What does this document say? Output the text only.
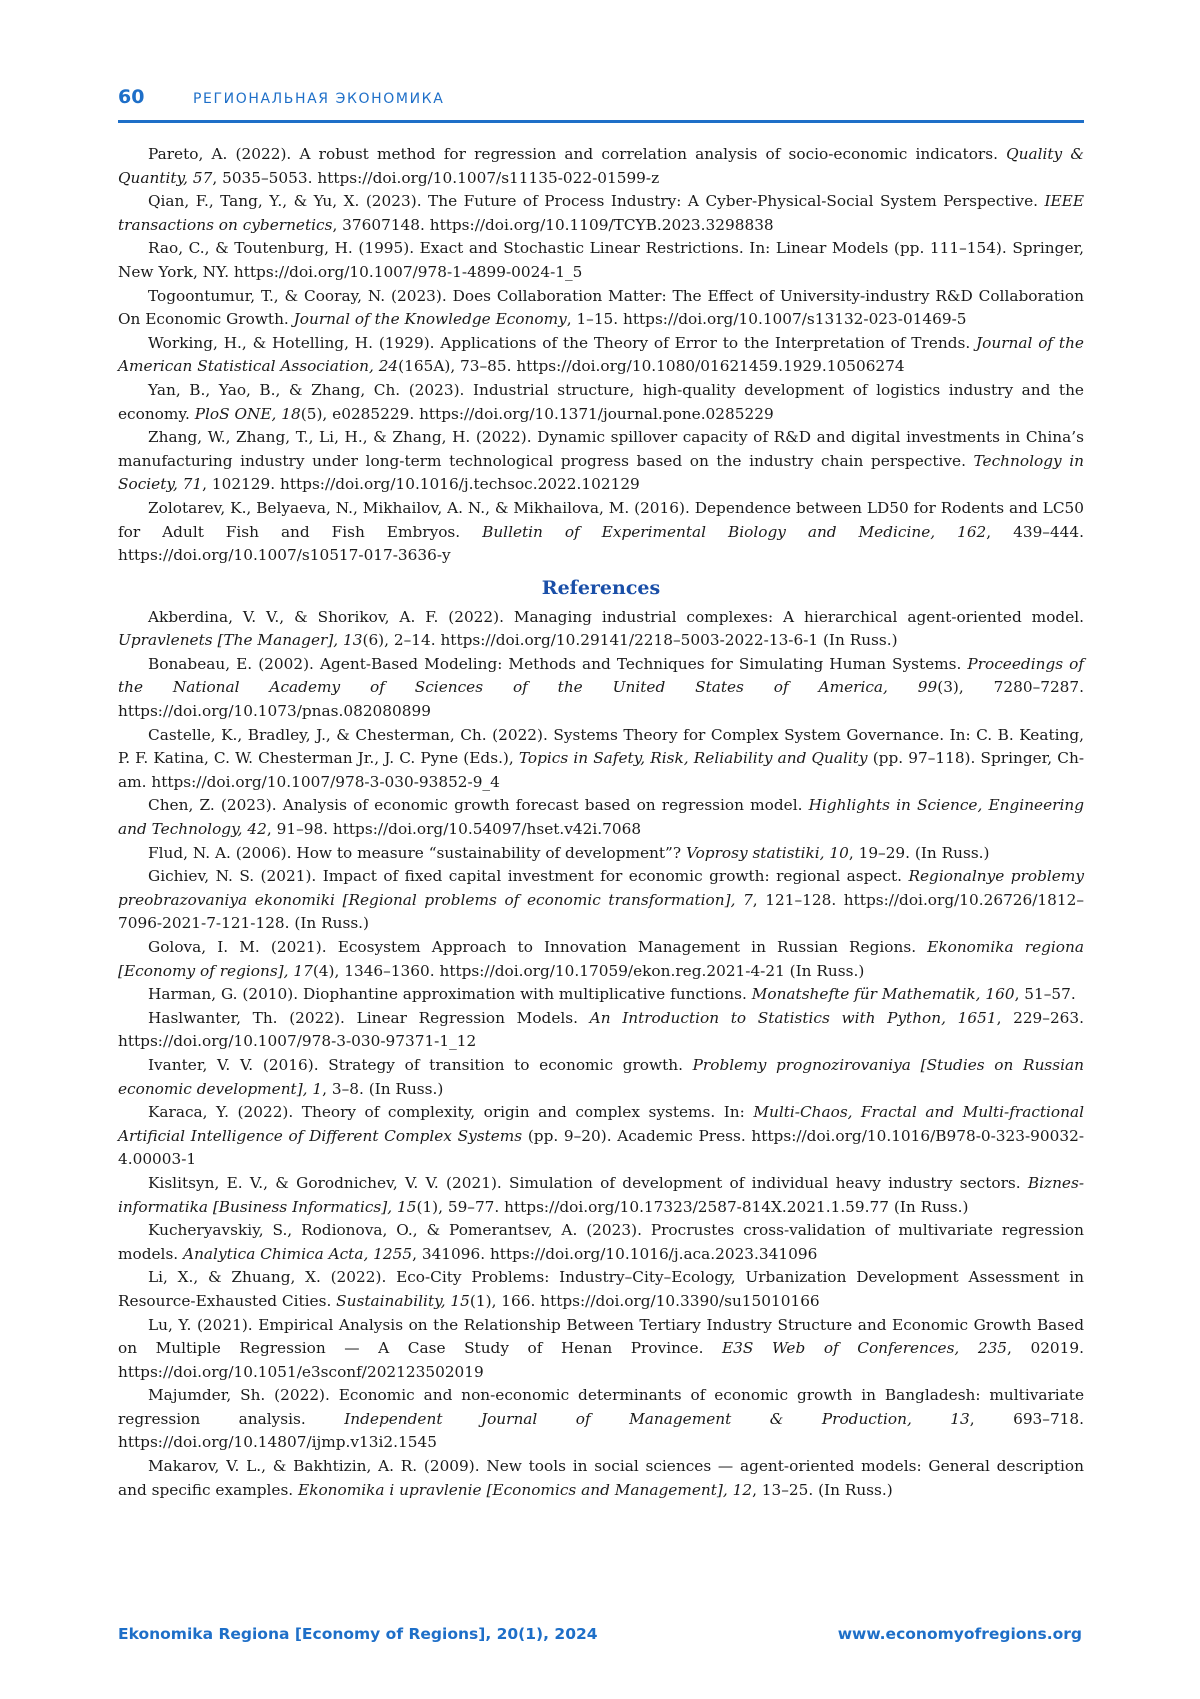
60	РЕГИОНАЛЬНАЯ ЭКОНОМИКА

Pareto, A. (2022). A robust method for regression and correlation analysis of socio-economic indicators. Quality & Quantity, 57, 5035–5053. https://doi.org/10.1007/s11135-022-01599-z

Qian, F., Tang, Y., & Yu, X. (2023). The Future of Process Industry: A Cyber-Physical-Social System Perspective. IEEE transactions on cybernetics, 37607148. https://doi.org/10.1109/TCYB.2023.3298838

Rao, C., & Toutenburg, H. (1995). Exact and Stochastic Linear Restrictions. In: Linear Models (pp. 111–154). Springer, New York, NY. https://doi.org/10.1007/978-1-4899-0024-1_5

Togoontumur, T., & Cooray, N. (2023). Does Collaboration Matter: The Effect of University-industry R&D Collaboration On Economic Growth. Journal of the Knowledge Economy, 1–15. https://doi.org/10.1007/s13132-023-01469-5

Working, H., & Hotelling, H. (1929). Applications of the Theory of Error to the Interpretation of Trends. Journal of the American Statistical Association, 24(165A), 73–85. https://doi.org/10.1080/01621459.1929.10506274

Yan, B., Yao, B., & Zhang, Ch. (2023). Industrial structure, high-quality development of logistics industry and the economy. PloS ONE, 18(5), e0285229. https://doi.org/10.1371/journal.pone.0285229

Zhang, W., Zhang, T., Li, H., & Zhang, H. (2022). Dynamic spillover capacity of R&D and digital investments in China’s manufacturing industry under long-term technological progress based on the industry chain perspective. Technology in Society, 71, 102129. https://doi.org/10.1016/j.techsoc.2022.102129

Zolotarev, K., Belyaeva, N., Mikhailov, A. N., & Mikhailova, M. (2016). Dependence between LD50 for Rodents and LC50 for Adult Fish and Fish Embryos. Bulletin of Experimental Biology and Medicine, 162, 439–444. https://doi.org/10.1007/s10517-017-3636-y

References

Akberdina, V. V., & Shorikov, A. F. (2022). Managing industrial complexes: A hierarchical agent-oriented model. Upravlenets [The Manager], 13(6), 2–14. https://doi.org/10.29141/2218–5003-2022-13-6-1 (In Russ.)

Bonabeau, E. (2002). Agent-Based Modeling: Methods and Techniques for Simulating Human Systems. Proceedings of the National Academy of Sciences of the United States of America, 99(3), 7280–7287. https://doi.org/10.1073/pnas.082080899

Castelle, K., Bradley, J., & Chesterman, Ch. (2022). Systems Theory for Complex System Governance. In: C. B. Keating, P. F. Katina, C. W. Chesterman Jr., J. C. Pyne (Eds.), Topics in Safety, Risk, Reliability and Quality (pp. 97–118). Springer, Ch-am. https://doi.org/10.1007/978-3-030-93852-9_4

Chen, Z. (2023). Analysis of economic growth forecast based on regression model. Highlights in Science, Engineering and Technology, 42, 91–98. https://doi.org/10.54097/hset.v42i.7068

Flud, N. A. (2006). How to measure “sustainability of development”? Voprosy statistiki, 10, 19–29. (In Russ.)

Gichiev, N. S. (2021). Impact of fixed capital investment for economic growth: regional aspect. Regionalnye problemy preobrazovaniya ekonomiki [Regional problems of economic transformation], 7, 121–128. https://doi.org/10.26726/1812–7096-2021-7-121-128. (In Russ.)

Golova, I. M. (2021). Ecosystem Approach to Innovation Management in Russian Regions. Ekonomika regiona [Economy of regions], 17(4), 1346–1360. https://doi.org/10.17059/ekon.reg.2021-4-21 (In Russ.)

Harman, G. (2010). Diophantine approximation with multiplicative functions. Monatshefte für Mathematik, 160, 51–57.

Haslwanter, Th. (2022). Linear Regression Models. An Introduction to Statistics with Python, 1651, 229–263. https://doi.org/10.1007/978-3-030-97371-1_12

Ivanter, V. V. (2016). Strategy of transition to economic growth. Problemy prognozirovaniya [Studies on Russian economic development], 1, 3–8. (In Russ.)

Karaca, Y. (2022). Theory of complexity, origin and complex systems. In: Multi-Chaos, Fractal and Multi-fractional Artificial Intelligence of Different Complex Systems (pp. 9–20). Academic Press. https://doi.org/10.1016/B978-0-323-90032-4.00003-1

Kislitsyn, E. V., & Gorodnichev, V. V. (2021). Simulation of development of individual heavy industry sectors. Biznes-informatika [Business Informatics], 15(1), 59–77. https://doi.org/10.17323/2587-814X.2021.1.59.77 (In Russ.)

Kucheryavskiy, S., Rodionova, O., & Pomerantsev, A. (2023). Procrustes cross-validation of multivariate regression models. Analytica Chimica Acta, 1255, 341096. https://doi.org/10.1016/j.aca.2023.341096

Li, X., & Zhuang, X. (2022). Eco-City Problems: Industry–City–Ecology, Urbanization Development Assessment in Resource-Exhausted Cities. Sustainability, 15(1), 166. https://doi.org/10.3390/su15010166

Lu, Y. (2021). Empirical Analysis on the Relationship Between Tertiary Industry Structure and Economic Growth Based on Multiple Regression — A Case Study of Henan Province. E3S Web of Conferences, 235, 02019. https://doi.org/10.1051/e3sconf/202123502019

Majumder, Sh. (2022). Economic and non-economic determinants of economic growth in Bangladesh: multivariate regression analysis. Independent Journal of Management & Production, 13, 693–718. https://doi.org/10.14807/ijmp.v13i2.1545

Makarov, V. L., & Bakhtizin, A. R. (2009). New tools in social sciences — agent-oriented models: General description and specific examples. Ekonomika i upravlenie [Economics and Management], 12, 13–25. (In Russ.)

Ekonomika Regiona [Economy of Regions], 20(1), 2024	www.economyofregions.org
